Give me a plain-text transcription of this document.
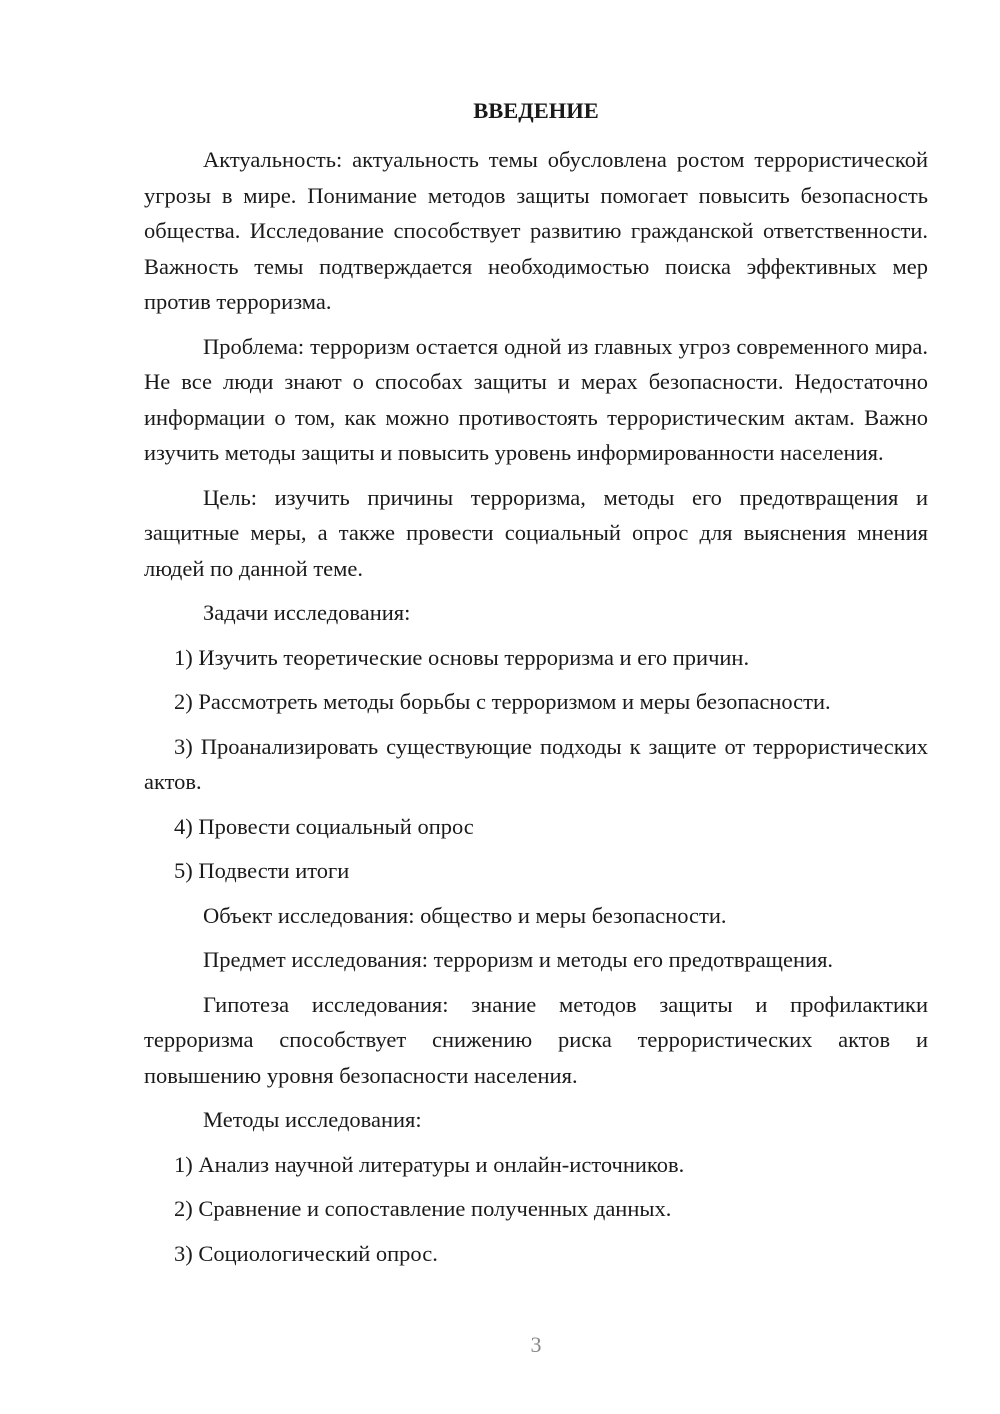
ВВЕДЕНИЕ

Актуальность: актуальность темы обусловлена ростом террористической угрозы в мире. Понимание методов защиты помогает повысить безопасность общества. Исследование способствует развитию гражданской ответственности. Важность темы подтверждается необходимостью поиска эффективных мер против терроризма.

Проблема: терроризм остается одной из главных угроз современного мира. Не все люди знают о способах защиты и мерах безопасности. Недостаточно информации о том, как можно противостоять террористическим актам. Важно изучить методы защиты и повысить уровень информированности населения.

Цель: изучить причины терроризма, методы его предотвращения и защитные меры, а также провести социальный опрос для выяснения мнения людей по данной теме.

Задачи исследования:

1) Изучить теоретические основы терроризма и его причин.

2) Рассмотреть методы борьбы с терроризмом и меры безопасности.

3) Проанализировать существующие подходы к защите от террористических актов.

4) Провести социальный опрос

5) Подвести итоги

Объект исследования: общество и меры безопасности.

Предмет исследования: терроризм и методы его предотвращения.

Гипотеза исследования: знание методов защиты и профилактики терроризма способствует снижению риска террористических актов и повышению уровня безопасности населения.

Методы исследования:

1) Анализ научной литературы и онлайн-источников.

2) Сравнение и сопоставление полученных данных.

3) Социологический опрос.

3
